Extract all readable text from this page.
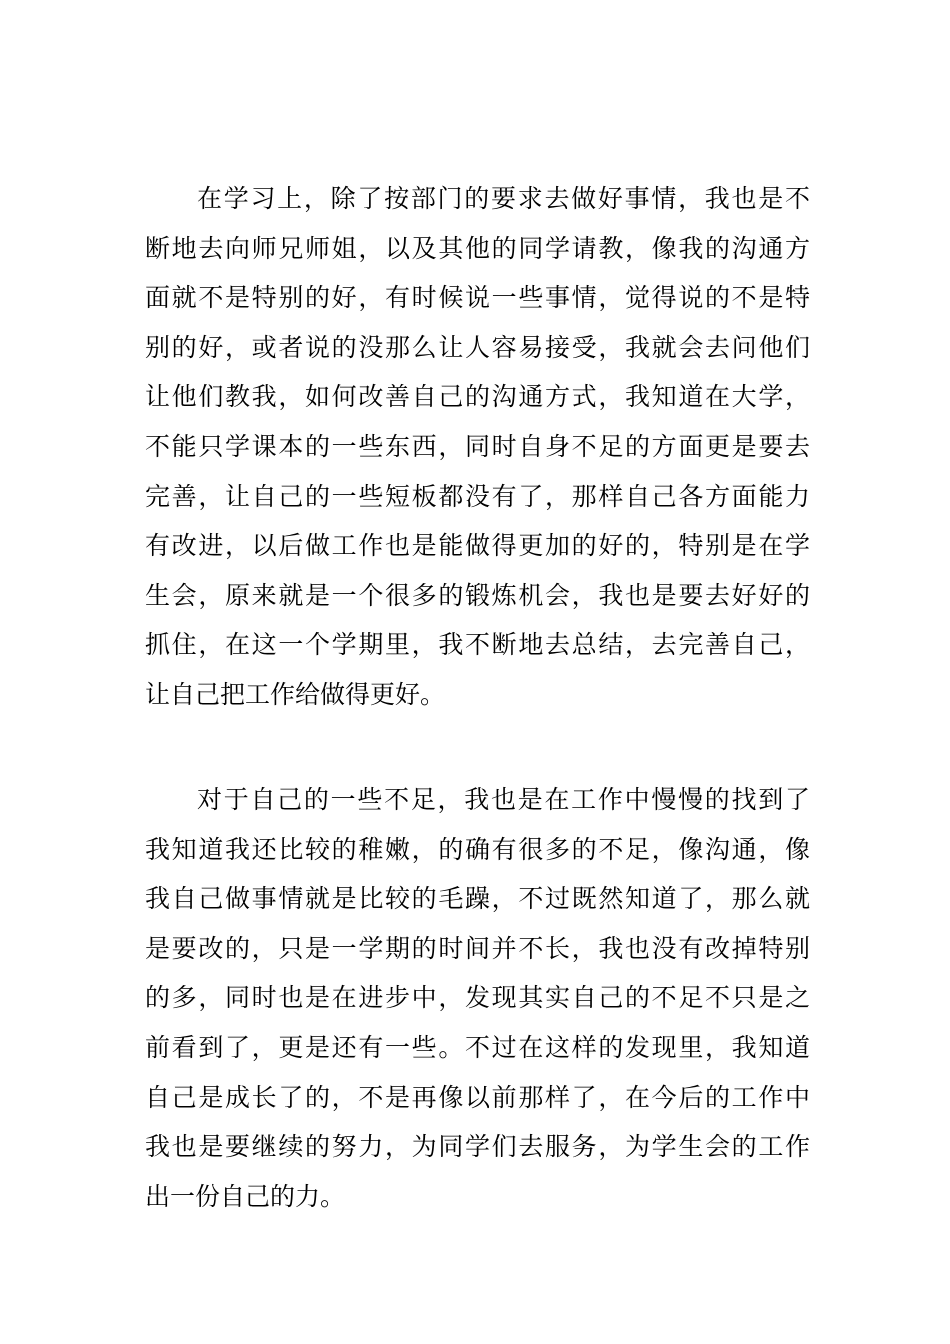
在学习上，除了按部门的要求去做好事情，我也是不
断地去向师兄师姐，以及其他的同学请教，像我的沟通方
面就不是特别的好，有时候说一些事情，觉得说的不是特
别的好，或者说的没那么让人容易接受，我就会去问他们
让他们教我，如何改善自己的沟通方式，我知道在大学，
不能只学课本的一些东西，同时自身不足的方面更是要去
完善，让自己的一些短板都没有了，那样自己各方面能力
有改进，以后做工作也是能做得更加的好的，特别是在学
生会，原来就是一个很多的锻炼机会，我也是要去好好的
抓住，在这一个学期里，我不断地去总结，去完善自己，
让自己把工作给做得更好。

对于自己的一些不足，我也是在工作中慢慢的找到了
我知道我还比较的稚嫩，的确有很多的不足，像沟通，像
我自己做事情就是比较的毛躁，不过既然知道了，那么就
是要改的，只是一学期的时间并不长，我也没有改掉特别
的多，同时也是在进步中，发现其实自己的不足不只是之
前看到了，更是还有一些。不过在这样的发现里，我知道
自己是成长了的，不是再像以前那样了，在今后的工作中
我也是要继续的努力，为同学们去服务，为学生会的工作
出一份自己的力。
